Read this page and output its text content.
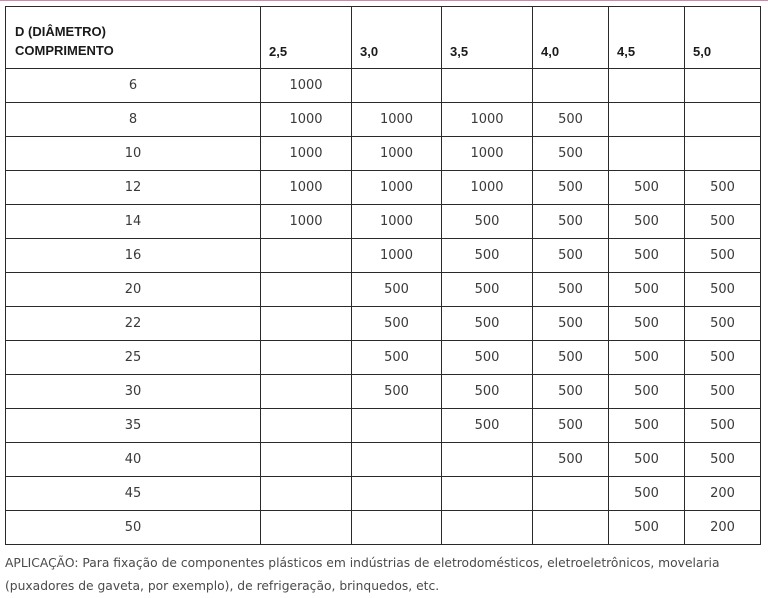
D (DIÂMETRO)
COMPRIMENTO	2,5	3,0	3,5	4,0	4,5	5,0
6	1000					
8	1000	1000	1000	500		
10	1000	1000	1000	500		
12	1000	1000	1000	500	500	500
14	1000	1000	500	500	500	500
16		1000	500	500	500	500
20		500	500	500	500	500
22		500	500	500	500	500
25		500	500	500	500	500
30		500	500	500	500	500
35			500	500	500	500
40				500	500	500
45					500	200
50					500	200
APLICAÇÃO: Para fixação de componentes plásticos em indústrias de eletrodomésticos, eletroeletrônicos, movelaria (puxadores de gaveta, por exemplo), de refrigeração, brinquedos, etc.
